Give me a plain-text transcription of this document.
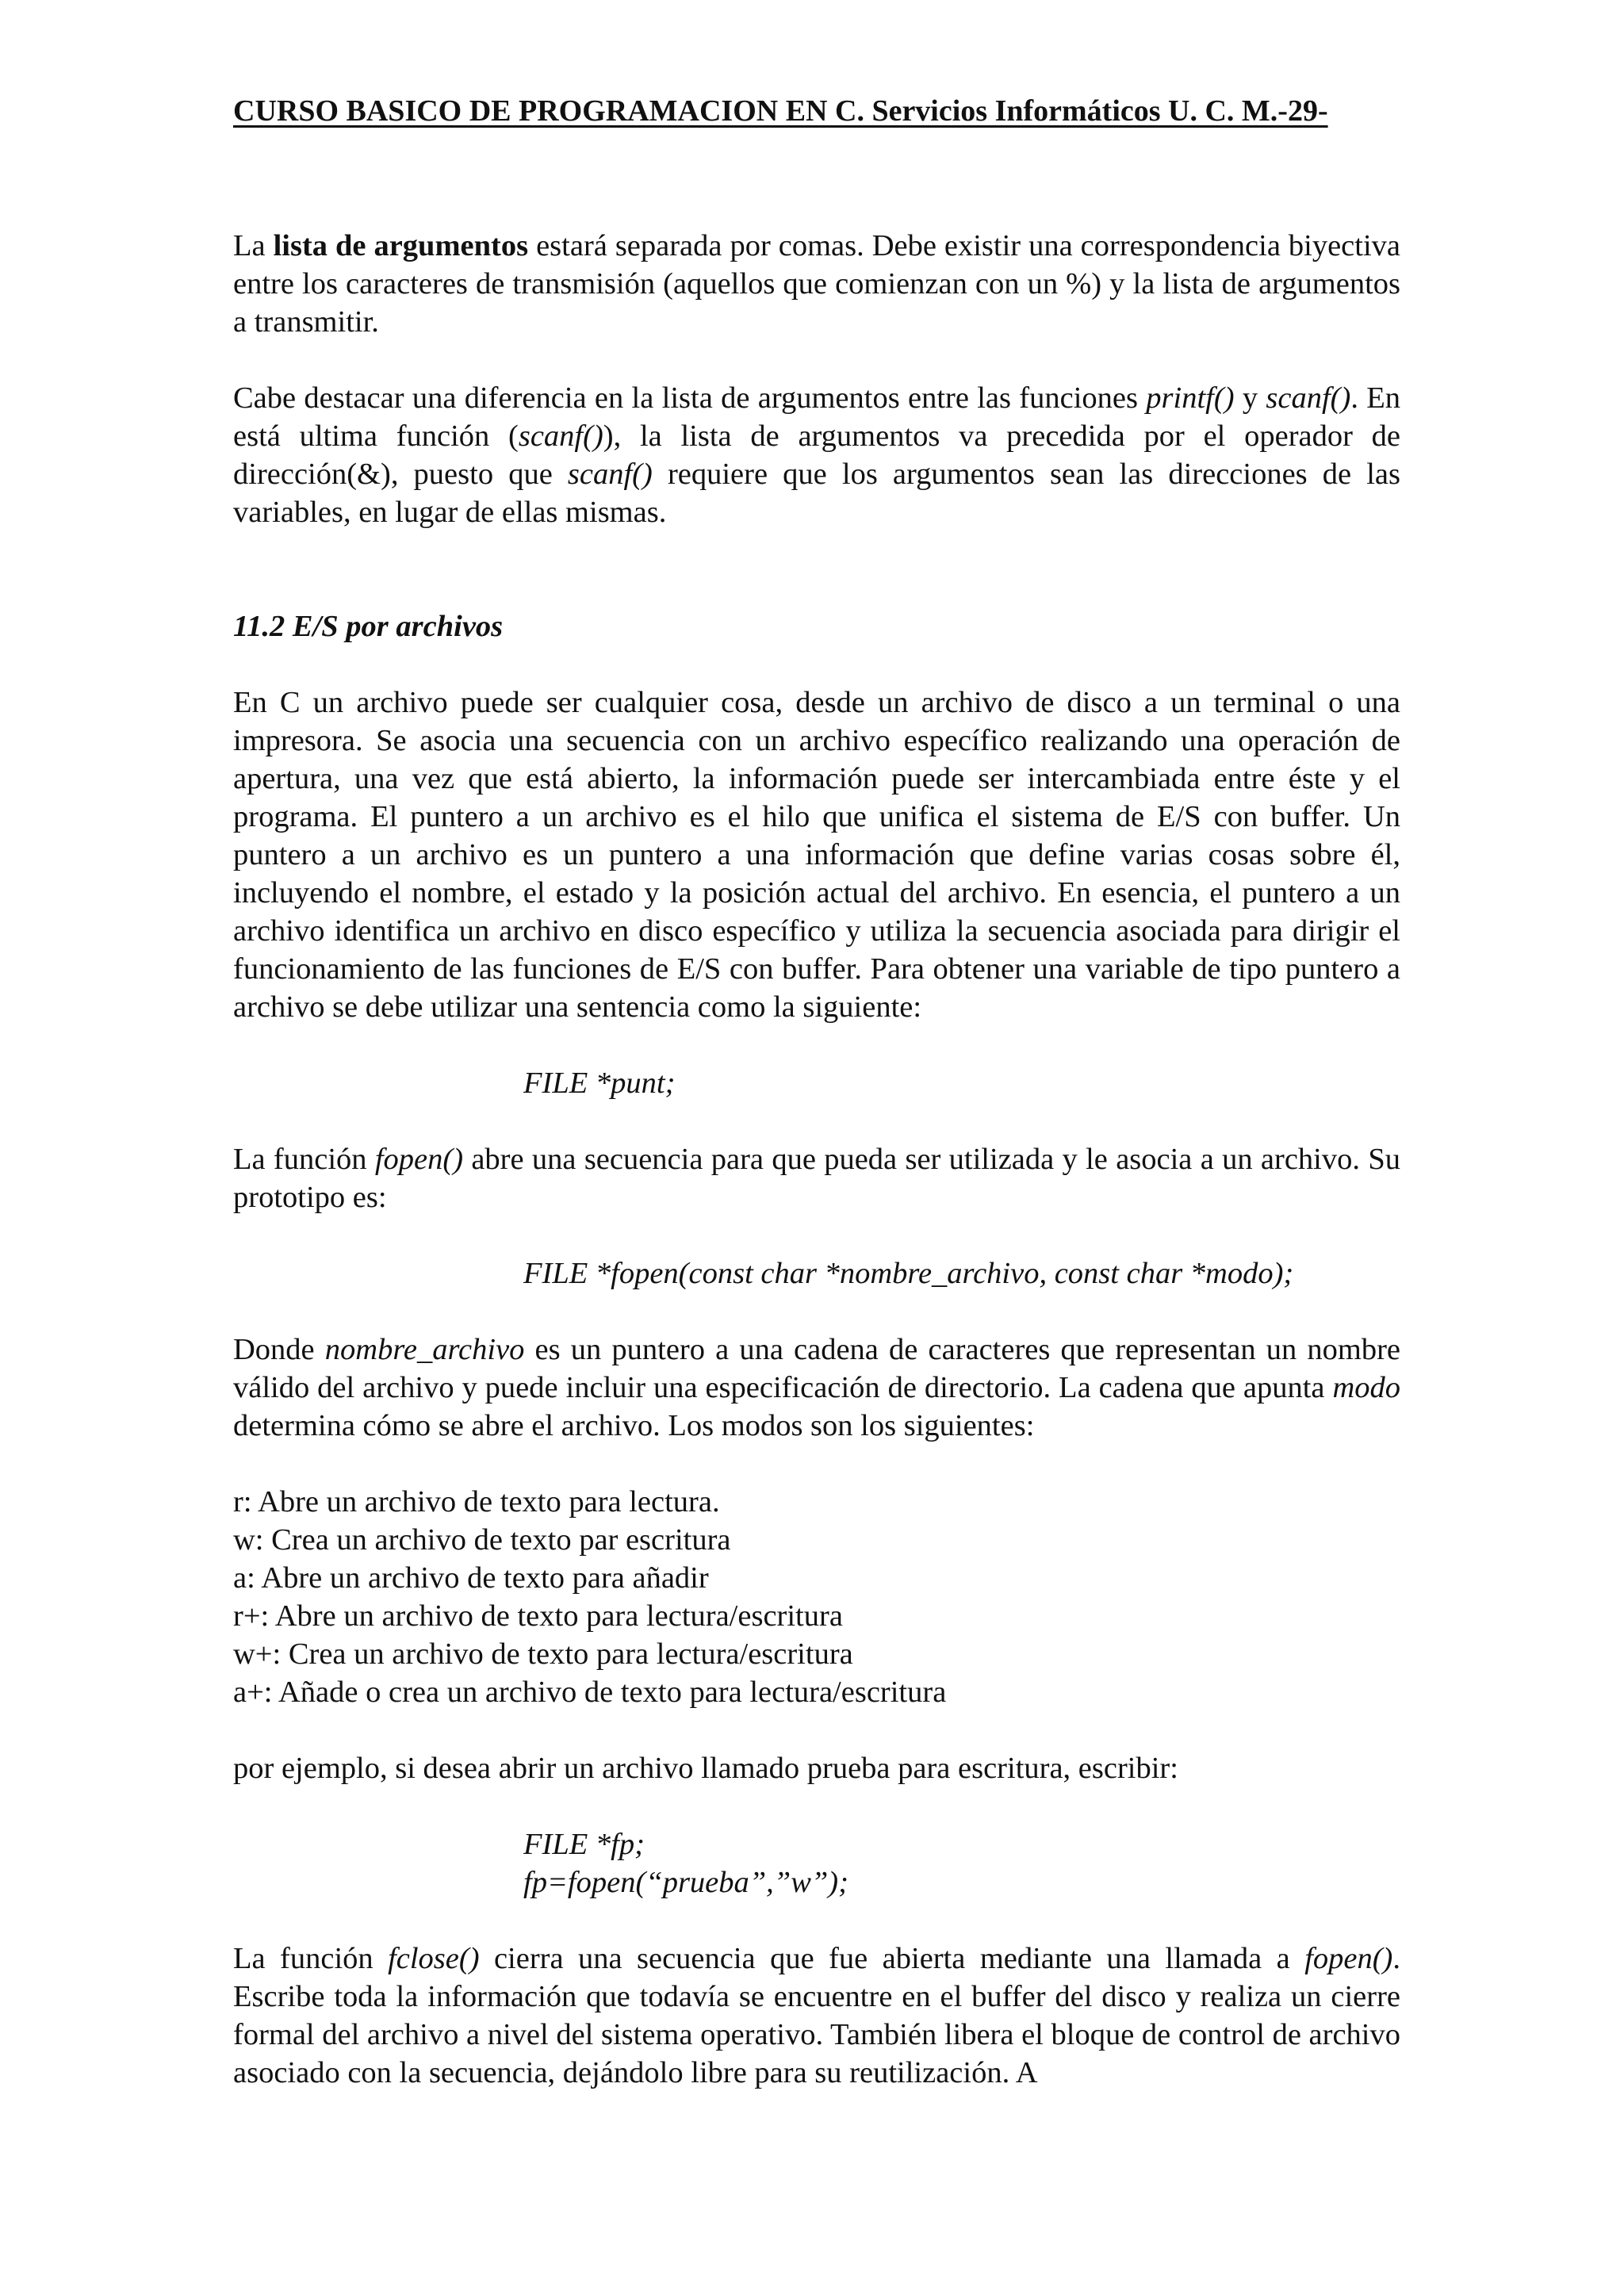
CURSO BASICO DE PROGRAMACION EN C. Servicios Informáticos U. C. M.-29-

La lista de argumentos estará separada por comas. Debe existir una correspondencia biyectiva entre los caracteres de transmisión (aquellos que comienzan con un %) y la lista de argumentos a transmitir.

Cabe destacar una diferencia en la lista de argumentos entre las funciones printf() y scanf(). En está ultima función (scanf()), la lista de argumentos va precedida por el operador de dirección(&), puesto que scanf() requiere que los argumentos sean las direcciones de las variables, en lugar de ellas mismas.

11.2 E/S por archivos

En C un archivo puede ser cualquier cosa, desde un archivo de disco a un terminal o una impresora. Se asocia una secuencia con un archivo específico realizando una operación de apertura, una vez que está abierto, la información puede ser intercambiada entre éste y el programa. El puntero a un archivo es el hilo que unifica el sistema de E/S con buffer. Un puntero a un archivo es un puntero a una información que define varias cosas sobre él, incluyendo el nombre, el estado y la posición actual del archivo. En esencia, el puntero a un archivo identifica un archivo en disco específico y utiliza la secuencia asociada para dirigir el funcionamiento de las funciones de E/S con buffer. Para obtener una variable de tipo puntero a archivo se debe utilizar una sentencia como la siguiente:

FILE *punt;

La función fopen() abre una secuencia para que pueda ser utilizada y le asocia a un archivo. Su prototipo es:

FILE *fopen(const char *nombre_archivo, const char *modo);

Donde nombre_archivo es un puntero a una cadena de caracteres que representan un nombre válido del archivo y puede incluir una especificación de directorio. La cadena que apunta modo determina cómo se abre el archivo. Los modos son los siguientes:

r: Abre un archivo de texto para lectura.

w: Crea un archivo de texto par escritura

a: Abre un archivo de texto para añadir

r+: Abre un archivo de texto para lectura/escritura

w+: Crea un archivo de texto para lectura/escritura

a+: Añade o crea un archivo de texto para lectura/escritura

por ejemplo, si desea abrir un archivo llamado prueba para escritura, escribir:

FILE *fp;

fp=fopen(“prueba”,”w”);

La función fclose() cierra una secuencia que fue abierta mediante una llamada a fopen(). Escribe toda la información que todavía se encuentre en el buffer del disco y realiza un cierre formal del archivo a nivel del sistema operativo. También libera el bloque de control de archivo asociado con la secuencia, dejándolo libre para su reutilización. A
